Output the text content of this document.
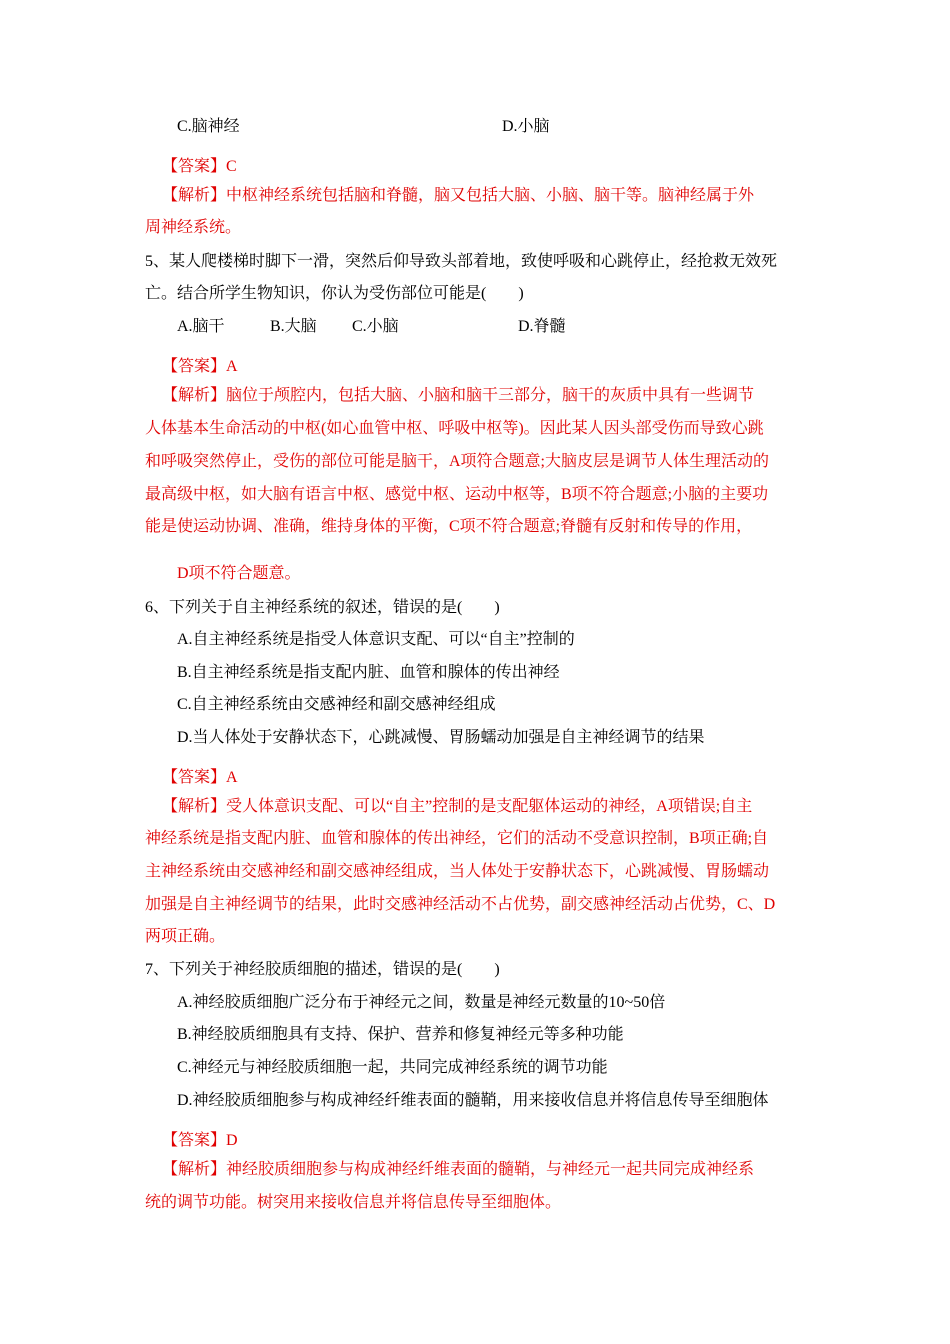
C.脑神经	D.小脑
【答案】C
【解析】中枢神经系统包括脑和脊髓，脑又包括大脑、小脑、脑干等。脑神经属于外
周神经系统。
5、某人爬楼梯时脚下一滑，突然后仰导致头部着地，致使呼吸和心跳停止，经抢救无效死
亡。结合所学生物知识，你认为受伤部位可能是(　　)
A.脑干	B.大脑 C.小脑	D.脊髓
【答案】A
【解析】脑位于颅腔内，包括大脑、小脑和脑干三部分，脑干的灰质中具有一些调节
人体基本生命活动的中枢(如心血管中枢、呼吸中枢等)。因此某人因头部受伤而导致心跳
和呼吸突然停止，受伤的部位可能是脑干，A项符合题意;大脑皮层是调节人体生理活动的
最高级中枢，如大脑有语言中枢、感觉中枢、运动中枢等，B项不符合题意;小脑的主要功
能是使运动协调、准确，维持身体的平衡，C项不符合题意;脊髓有反射和传导的作用，
D项不符合题意。
6、下列关于自主神经系统的叙述，错误的是(　　)
A.自主神经系统是指受人体意识支配、可以“自主”控制的
B.自主神经系统是指支配内脏、血管和腺体的传出神经
C.自主神经系统由交感神经和副交感神经组成
D.当人体处于安静状态下，心跳减慢、胃肠蠕动加强是自主神经调节的结果
【答案】A
【解析】受人体意识支配、可以“自主”控制的是支配躯体运动的神经，A项错误;自主
神经系统是指支配内脏、血管和腺体的传出神经，它们的活动不受意识控制，B项正确;自
主神经系统由交感神经和副交感神经组成，当人体处于安静状态下，心跳减慢、胃肠蠕动
加强是自主神经调节的结果，此时交感神经活动不占优势，副交感神经活动占优势，C、D
两项正确。
7、下列关于神经胶质细胞的描述，错误的是(　　)
A.神经胶质细胞广泛分布于神经元之间，数量是神经元数量的10~50倍
B.神经胶质细胞具有支持、保护、营养和修复神经元等多种功能
C.神经元与神经胶质细胞一起，共同完成神经系统的调节功能
D.神经胶质细胞参与构成神经纤维表面的髓鞘，用来接收信息并将信息传导至细胞体
【答案】D
【解析】神经胶质细胞参与构成神经纤维表面的髓鞘，与神经元一起共同完成神经系
统的调节功能。树突用来接收信息并将信息传导至细胞体。
